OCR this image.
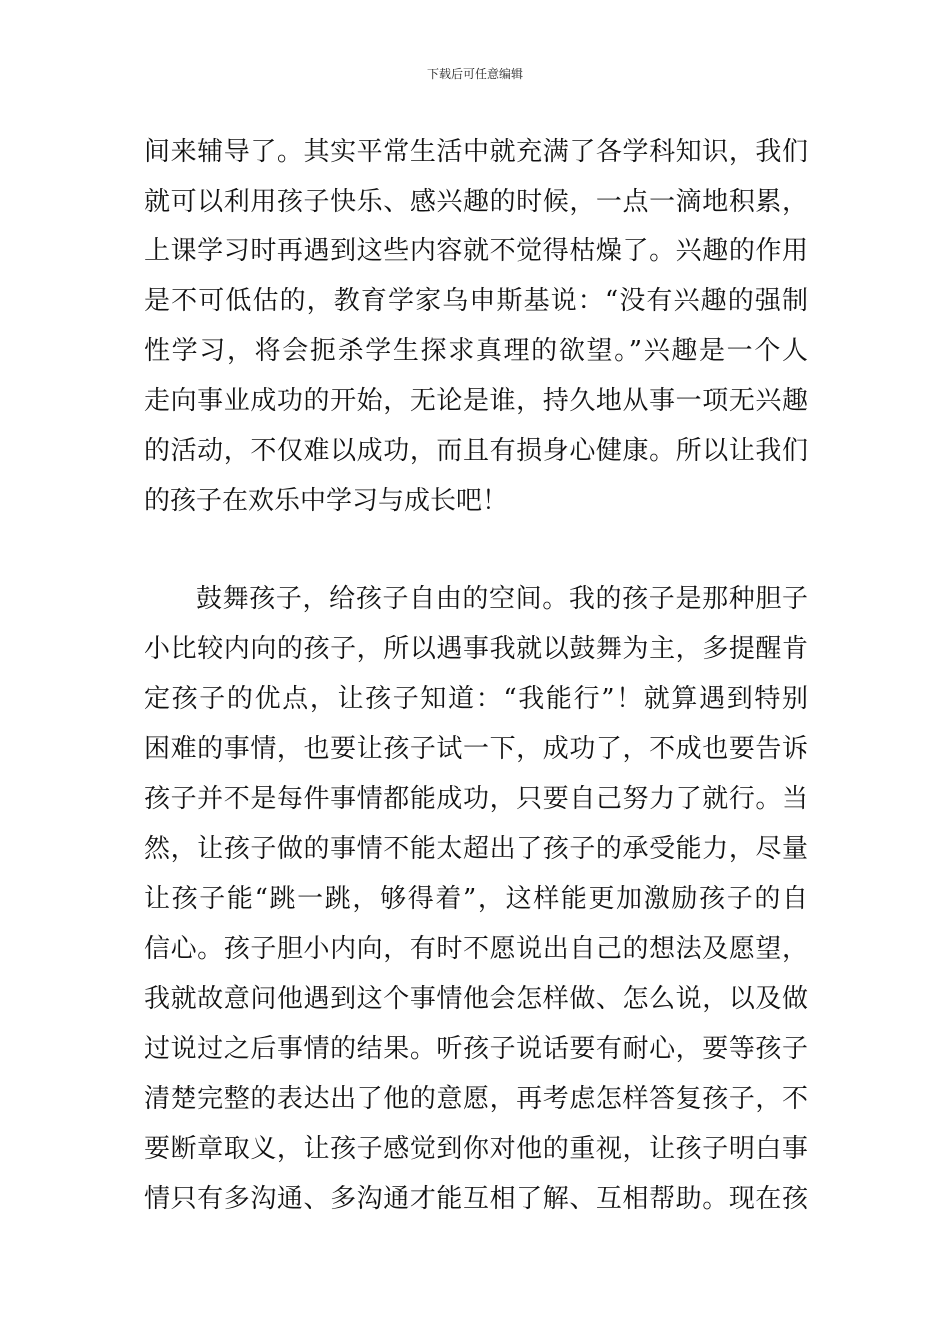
下载后可任意编辑
间来辅导了。其实平常生活中就充满了各学科知识，我们
就可以利用孩子快乐、感兴趣的时候，一点一滴地积累，
上课学习时再遇到这些内容就不觉得枯燥了。兴趣的作用
是不可低估的，教育学家乌申斯基说：“没有兴趣的强制
性学习，将会扼杀学生探求真理的欲望。”兴趣是一个人
走向事业成功的开始，无论是谁，持久地从事一项无兴趣
的活动，不仅难以成功，而且有损身心健康。所以让我们
的孩子在欢乐中学习与成长吧！
鼓舞孩子，给孩子自由的空间。我的孩子是那种胆子
小比较内向的孩子，所以遇事我就以鼓舞为主，多提醒肯
定孩子的优点，让孩子知道：“我能行”！就算遇到特别
困难的事情，也要让孩子试一下，成功了，不成也要告诉
孩子并不是每件事情都能成功，只要自己努力了就行。当
然，让孩子做的事情不能太超出了孩子的承受能力，尽量
让孩子能“跳一跳，够得着”，这样能更加激励孩子的自
信心。孩子胆小内向，有时不愿说出自己的想法及愿望，
我就故意问他遇到这个事情他会怎样做、怎么说，以及做
过说过之后事情的结果。听孩子说话要有耐心，要等孩子
清楚完整的表达出了他的意愿，再考虑怎样答复孩子，不
要断章取义，让孩子感觉到你对他的重视，让孩子明白事
情只有多沟通、多沟通才能互相了解、互相帮助。现在孩
